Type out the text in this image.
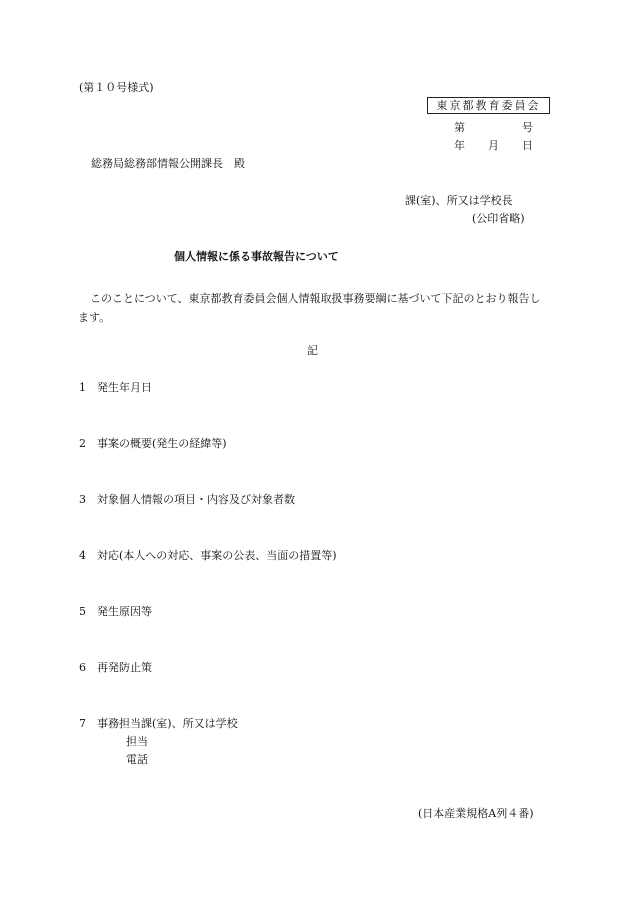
(第１０号様式)
東京都教育委員会
第	号
年 月 日
総務局総務部情報公開課長　殿
課(室)、所又は学校長
(公印省略)
個人情報に係る事故報告について
このことについて、東京都教育委員会個人情報取扱事務要綱に基づいて下記のとおり報告します。
記
1 発生年月日
2 事案の概要(発生の経緯等)
3 対象個人情報の項目・内容及び対象者数
4 対応(本人への対応、事案の公表、当面の措置等)
5 発生原因等
6 再発防止策
7 事務担当課(室)、所又は学校
担当
電話
(日本産業規格A列４番)
